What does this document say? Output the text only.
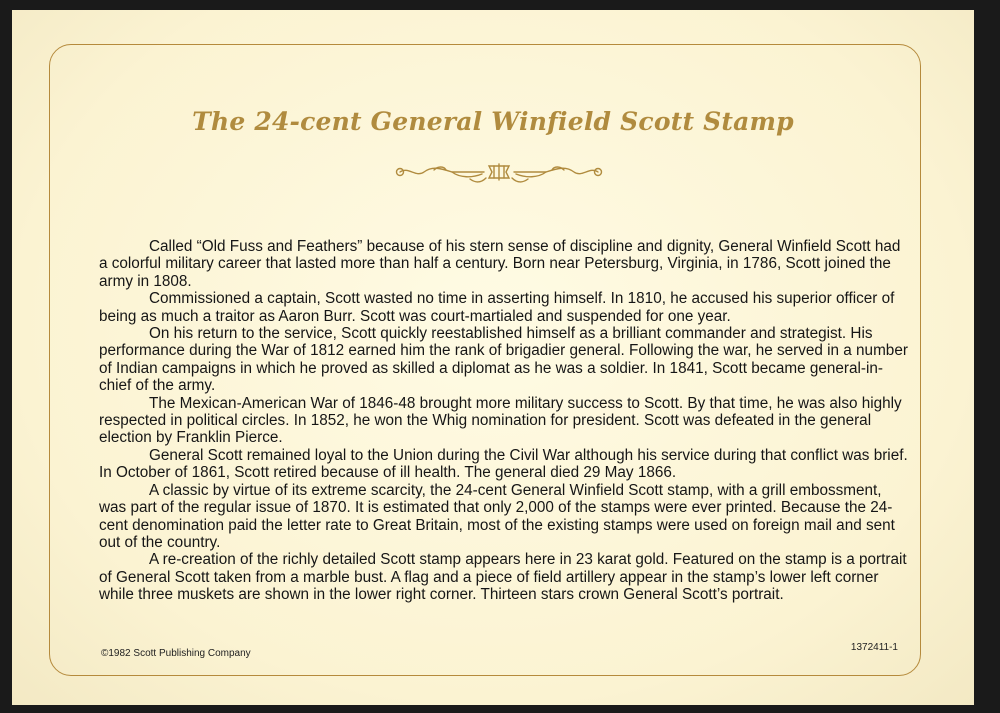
The 24-cent General Winfield Scott Stamp

Called “Old Fuss and Feathers” because of his stern sense of discipline and dignity, General Winfield Scott had a colorful military career that lasted more than half a century. Born near Petersburg, Virginia, in 1786, Scott joined the army in 1808.

Commissioned a captain, Scott wasted no time in asserting himself. In 1810, he accused his superior officer of being as much a traitor as Aaron Burr. Scott was court-martialed and suspended for one year.

On his return to the service, Scott quickly reestablished himself as a brilliant commander and strategist. His performance during the War of 1812 earned him the rank of brigadier general. Following the war, he served in a number of Indian campaigns in which he proved as skilled a diplomat as he was a soldier. In 1841, Scott became general-in-chief of the army.

The Mexican-American War of 1846-48 brought more military success to Scott. By that time, he was also highly respected in political circles. In 1852, he won the Whig nomination for president. Scott was defeated in the general election by Franklin Pierce.

General Scott remained loyal to the Union during the Civil War although his service during that conflict was brief. In October of 1861, Scott retired because of ill health. The general died 29 May 1866.

A classic by virtue of its extreme scarcity, the 24-cent General Winfield Scott stamp, with a grill embossment, was part of the regular issue of 1870. It is estimated that only 2,000 of the stamps were ever printed. Because the 24-cent denomination paid the letter rate to Great Britain, most of the existing stamps were used on foreign mail and sent out of the country.

A re-creation of the richly detailed Scott stamp appears here in 23 karat gold. Featured on the stamp is a portrait of General Scott taken from a marble bust. A flag and a piece of field artillery appear in the stamp’s lower left corner while three muskets are shown in the lower right corner. Thirteen stars crown General Scott’s portrait.

©1982 Scott Publishing Company
1372411-1
